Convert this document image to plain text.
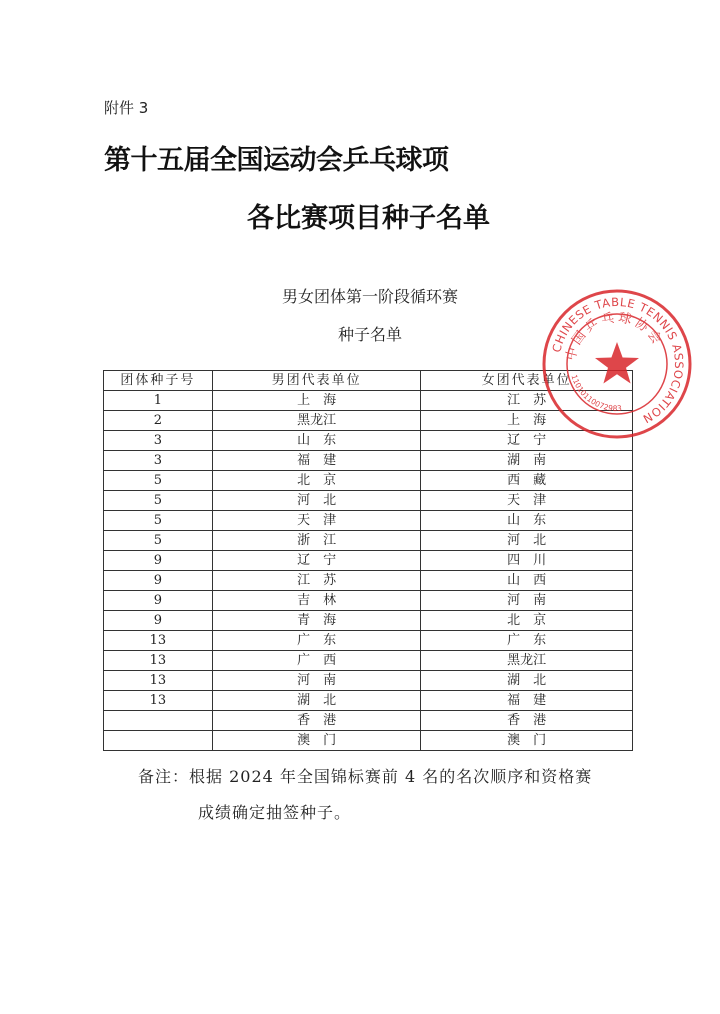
附件 3
第十五届全国运动会乒乓球项
各比赛项目种子名单
男女团体第一阶段循环赛
种子名单
团体种子号	男团代表单位	女团代表单位
1	上　海	江　苏
2	黑龙江	上　海
3	山　东	辽　宁
3	福　建	湖　南
5	北　京	西　藏
5	河　北	天　津
5	天　津	山　东
5	浙　江	河　北
9	辽　宁	四　川
9	江　苏	山　西
9	吉　林	河　南
9	青　海	北　京
13	广　东	广　东
13	广　西	黑龙江
13	河　南	湖　北
13	湖　北	福　建
	香　港	香　港
	澳　门	澳　门
备注：根据 2024 年全国锦标赛前 4 名的名次顺序和资格赛
成绩确定抽签种子。
CHINESE TABLE TENNIS ASSOCIATION
中国乒乓球协会
110101100729​83
